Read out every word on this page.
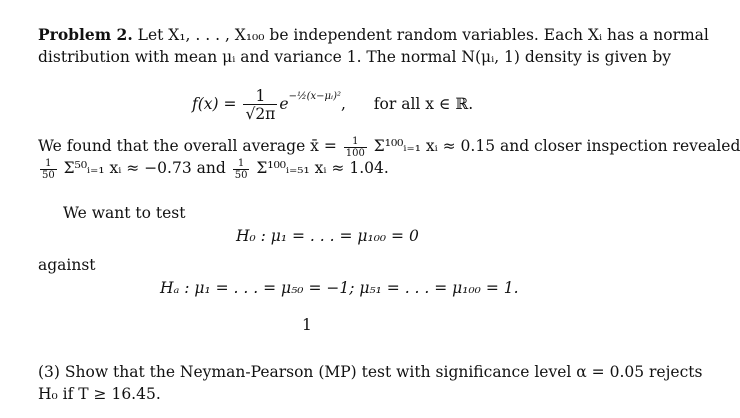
Problem 2. Let X₁, . . . , X₁₀₀ be independent random variables. Each Xᵢ has a normal
distribution with mean μᵢ and variance 1. The normal N(μᵢ, 1) density is given by
$f(x) = \frac{1}{√2\pi} e^{-\frac{1}{2}(x-\mu ᵢ)^2}$, for all x ∈ ℝ.
We found that the overall average x̄ = $\frac{1}{100}$ Σ¹⁰⁰ᵢ₌₁ xᵢ ≈ 0.15 and closer inspection revealed
$\frac{1}{50}$ Σ⁵⁰ᵢ₌₁ xᵢ ≈ −0.73 and $\frac{1}{50}$ Σ¹⁰⁰ᵢ₌₅₁ xᵢ ≈ 1.04.
We want to test
H₀ : μ₁ = . . . = μ₁₀₀ = 0
against
Hₐ : μ₁ = . . . = μ₅₀ = −1; μ₅₁ = . . . = μ₁₀₀ = 1.
1
(3) Show that the Neyman-Pearson (MP) test with significance level α = 0.05 rejects
H₀ if T ≥ 16.45.
